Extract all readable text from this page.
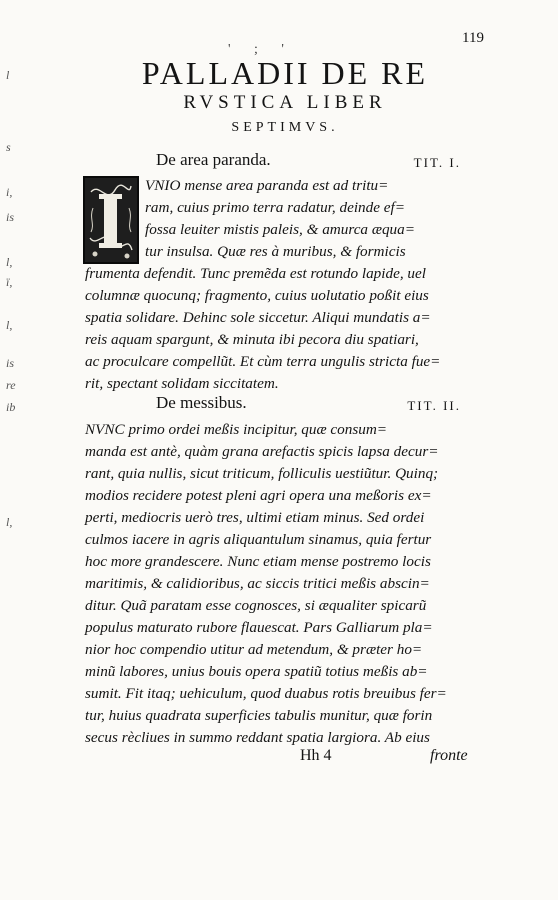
119
' ; '
PALLADII DE RE
RVSTICA LIBER
SEPTIMVS.
De area paranda.	TIT. I.
VNIO mense area paranda est ad tritu=
ram, cuius primo terra radatur, deinde ef=
fossa leuiter mistis paleis, & amurca æqua=
tur insulsa. Quæ res à muribus, & formicis
frumenta defendit. Tunc premẽda est rotundo lapide, uel
columnæ quocunq; fragmento, cuius uolutatio poßit eius
spatia solidare. Dehinc sole siccetur. Aliqui mundatis a=
reis aquam spargunt, & minuta ibi pecora diu spatiari,
ac proculcare compellũt. Et cùm terra ungulis stricta fue=
rit, spectant solidam siccitatem.
De messibus.	TIT. II.
NVNC primo ordei meßis incipitur, quæ consum=
manda est antè, quàm grana arefactis spicis lapsa decur=
rant, quia nullis, sicut triticum, folliculis uestiũtur. Quinq;
modios recidere potest pleni agri opera una meßoris ex=
perti, mediocris uerò tres, ultimi etiam minus. Sed ordei
culmos iacere in agris aliquantulum sinamus, quia fertur
hoc more grandescere. Nunc etiam mense postremo locis
maritimis, & calidioribus, ac siccis tritici meßis abscin=
ditur. Quã paratam esse cognosces, si æqualiter spicarũ
populus maturato rubore flauescat. Pars Galliarum pla=
nior hoc compendio utitur ad metendum, & præter ho=
minũ labores, unius bouis opera spatiũ totius meßis ab=
sumit. Fit itaq; uehiculum, quod duabus rotis breuibus fer=
tur, huius quadrata superficies tabulis munitur, quæ forin
secus rècliues in summo reddant spatia largiora. Ab eius
Hh 4	fronte
l
s
i,
is
l,
ï,
l,
is
re
ib
l,
